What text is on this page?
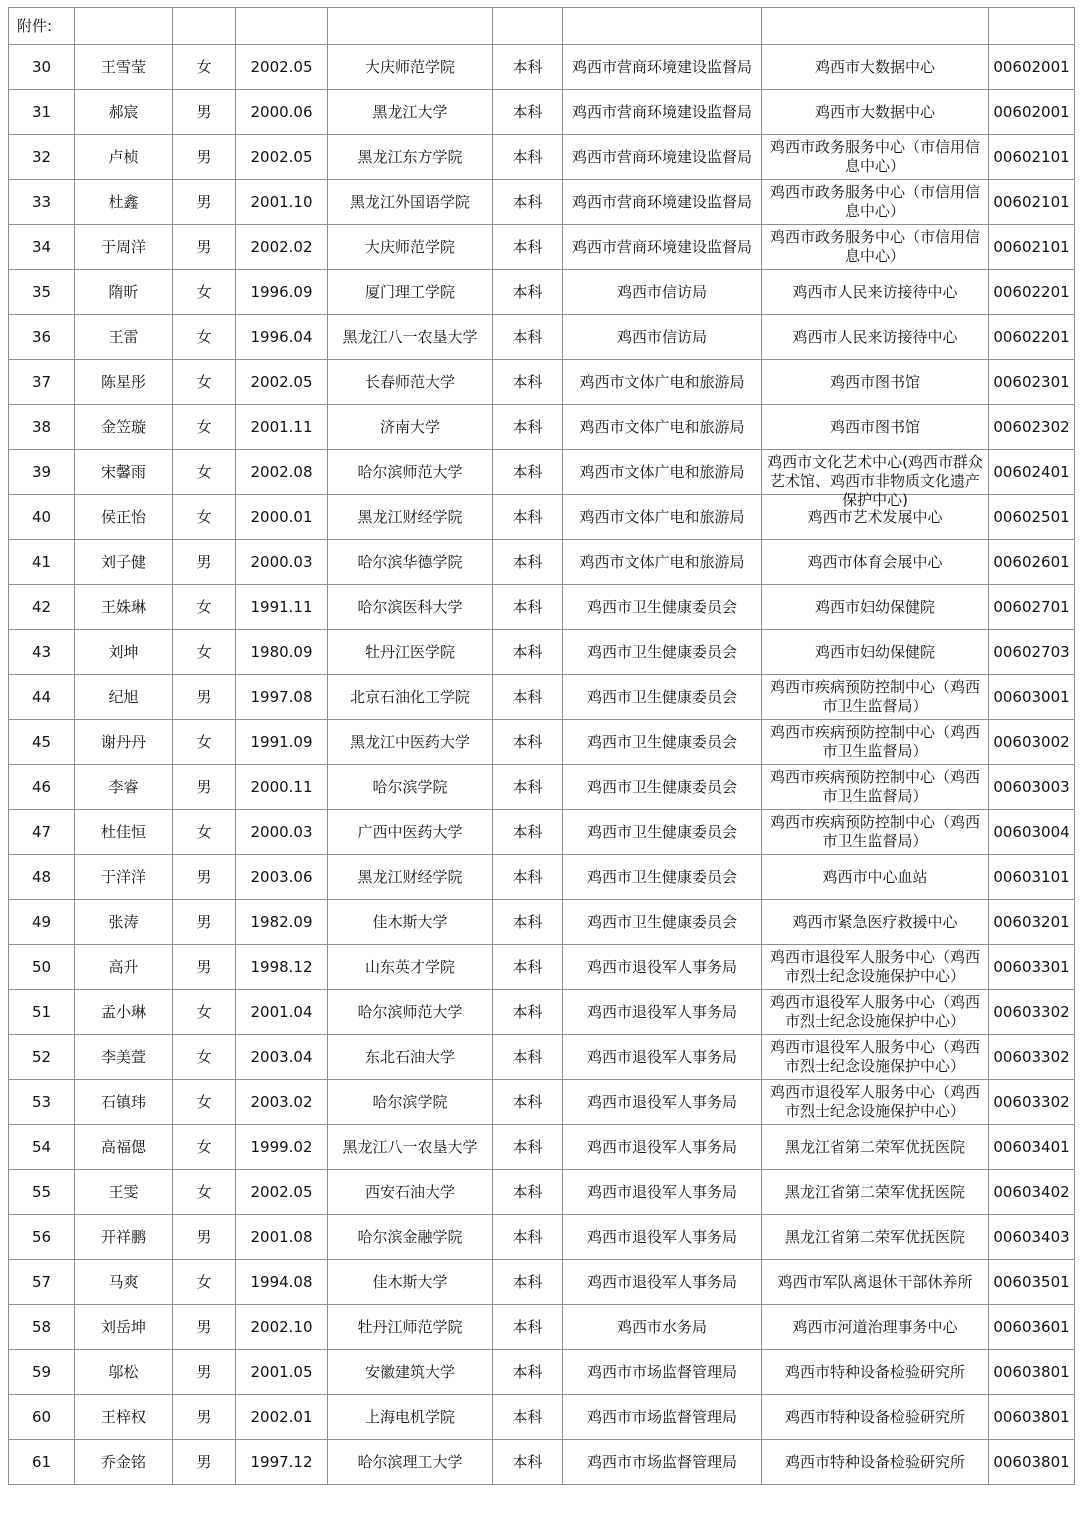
附件:								
30	王雪莹	女	2002.05	大庆师范学院	本科	鸡西市营商环境建设监督局	鸡西市大数据中心	00602001
31	郝宸	男	2000.06	黑龙江大学	本科	鸡西市营商环境建设监督局	鸡西市大数据中心	00602001
32	卢桢	男	2002.05	黑龙江东方学院	本科	鸡西市营商环境建设监督局	鸡西市政务服务中心（市信用信息中心）	00602101
33	杜鑫	男	2001.10	黑龙江外国语学院	本科	鸡西市营商环境建设监督局	鸡西市政务服务中心（市信用信息中心）	00602101
34	于周洋	男	2002.02	大庆师范学院	本科	鸡西市营商环境建设监督局	鸡西市政务服务中心（市信用信息中心）	00602101
35	隋昕	女	1996.09	厦门理工学院	本科	鸡西市信访局	鸡西市人民来访接待中心	00602201
36	王雷	女	1996.04	黑龙江八一农垦大学	本科	鸡西市信访局	鸡西市人民来访接待中心	00602201
37	陈星彤	女	2002.05	长春师范大学	本科	鸡西市文体广电和旅游局	鸡西市图书馆	00602301
38	金笠璇	女	2001.11	济南大学	本科	鸡西市文体广电和旅游局	鸡西市图书馆	00602302
39	宋馨雨	女	2002.08	哈尔滨师范大学	本科	鸡西市文体广电和旅游局	鸡西市文化艺术中心(鸡西市群众艺术馆、鸡西市非物质文化遗产保护中心)	00602401
40	侯正怡	女	2000.01	黑龙江财经学院	本科	鸡西市文体广电和旅游局	鸡西市艺术发展中心	00602501
41	刘子健	男	2000.03	哈尔滨华德学院	本科	鸡西市文体广电和旅游局	鸡西市体育会展中心	00602601
42	王姝琳	女	1991.11	哈尔滨医科大学	本科	鸡西市卫生健康委员会	鸡西市妇幼保健院	00602701
43	刘坤	女	1980.09	牡丹江医学院	本科	鸡西市卫生健康委员会	鸡西市妇幼保健院	00602703
44	纪旭	男	1997.08	北京石油化工学院	本科	鸡西市卫生健康委员会	鸡西市疾病预防控制中心（鸡西市卫生监督局）	00603001
45	谢丹丹	女	1991.09	黑龙江中医药大学	本科	鸡西市卫生健康委员会	鸡西市疾病预防控制中心（鸡西市卫生监督局）	00603002
46	李睿	男	2000.11	哈尔滨学院	本科	鸡西市卫生健康委员会	鸡西市疾病预防控制中心（鸡西市卫生监督局）	00603003
47	杜佳恒	女	2000.03	广西中医药大学	本科	鸡西市卫生健康委员会	鸡西市疾病预防控制中心（鸡西市卫生监督局）	00603004
48	于洋洋	男	2003.06	黑龙江财经学院	本科	鸡西市卫生健康委员会	鸡西市中心血站	00603101
49	张涛	男	1982.09	佳木斯大学	本科	鸡西市卫生健康委员会	鸡西市紧急医疗救援中心	00603201
50	高升	男	1998.12	山东英才学院	本科	鸡西市退役军人事务局	鸡西市退役军人服务中心（鸡西市烈士纪念设施保护中心）	00603301
51	孟小琳	女	2001.04	哈尔滨师范大学	本科	鸡西市退役军人事务局	鸡西市退役军人服务中心（鸡西市烈士纪念设施保护中心）	00603302
52	李美萱	女	2003.04	东北石油大学	本科	鸡西市退役军人事务局	鸡西市退役军人服务中心（鸡西市烈士纪念设施保护中心）	00603302
53	石镇玮	女	2003.02	哈尔滨学院	本科	鸡西市退役军人事务局	鸡西市退役军人服务中心（鸡西市烈士纪念设施保护中心）	00603302
54	高福偲	女	1999.02	黑龙江八一农垦大学	本科	鸡西市退役军人事务局	黑龙江省第二荣军优抚医院	00603401
55	王雯	女	2002.05	西安石油大学	本科	鸡西市退役军人事务局	黑龙江省第二荣军优抚医院	00603402
56	开祥鹏	男	2001.08	哈尔滨金融学院	本科	鸡西市退役军人事务局	黑龙江省第二荣军优抚医院	00603403
57	马爽	女	1994.08	佳木斯大学	本科	鸡西市退役军人事务局	鸡西市军队离退休干部休养所	00603501
58	刘岳坤	男	2002.10	牡丹江师范学院	本科	鸡西市水务局	鸡西市河道治理事务中心	00603601
59	邬松	男	2001.05	安徽建筑大学	本科	鸡西市市场监督管理局	鸡西市特种设备检验研究所	00603801
60	王梓权	男	2002.01	上海电机学院	本科	鸡西市市场监督管理局	鸡西市特种设备检验研究所	00603801
61	乔金铭	男	1997.12	哈尔滨理工大学	本科	鸡西市市场监督管理局	鸡西市特种设备检验研究所	00603801
